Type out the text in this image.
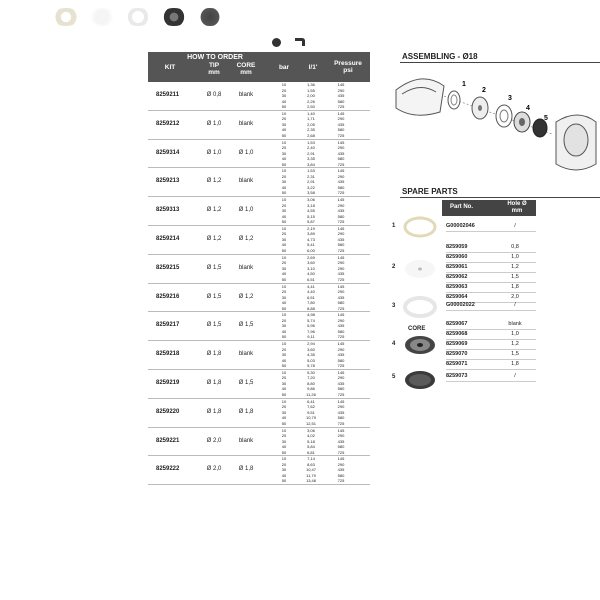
HOW TO ORDER
KIT	TIP
mm
CORE
mm
bar	l/1'
Pressure
psi
8259211	Ø 0,8	blank
10	1,36	145
20	1,55	290
30	2,00	435
40	2,26	580
50	2,50	725
8259212	Ø 1,0	blank
10	1,40	145
20	1,71	290
30	2,05	435
40	2,35	580
50	2,68	725
8259314	Ø 1,0	Ø 1,0
10	1,53	145
20	2,40	290
30	2,91	435
40	3,35	580
50	3,84	725
8259213	Ø 1,2	blank
10	1,53	145
20	2,31	290
30	2,91	435
40	3,22	580
50	3,58	725
8259313	Ø 1,2	Ø 1,0
10	3,06	145
20	3,18	290
30	4,55	435
40	5,15	580
50	5,87	725
8259214	Ø 1,2	Ø 1,2
10	2,19	145
20	3,89	290
30	4,73	435
40	5,41	580
50	6,00	725
8259215	Ø 1,5	blank
10	2,69	145
20	3,60	290
30	3,10	290
40	4,50	435
50	6,51	725
8259216	Ø 1,5	Ø 1,2
10	4,41	145
20	4,40	290
30	6,51	435
40	7,80	580
50	8,88	725
8259217	Ø 1,5	Ø 1,5
10	4,98	145
20	5,74	290
30	5,96	435
40	7,96	580
50	9,11	725
8259218	Ø 1,8	blank
10	2,94	145
20	3,60	290
30	4,35	435
40	5,03	580
50	5,78	725
8259219	Ø 1,8	Ø 1,5
10	5,30	145
20	7,20	290
30	8,80	435
40	9,86	580
50	11,26	725
8259220	Ø 1,8	Ø 1,8
10	6,41	145
20	7,62	290
30	9,51	435
40	10,79	580
50	12,51	725
8259221	Ø 2,0	blank
10	3,06	145
20	4,02	290
30	5,18	435
40	5,84	580
50	6,81	725
8259222	Ø 2,0	Ø 1,8
10	7,14	145
20	8,63	290
30	10,47	435
40	11,79	580
50	13,48	725
ASSEMBLING - Ø18
1
2
3
4
5
SPARE PARTS
Part No.	Hole Ø
mm
1	G00002046	/
2
8259059	0,8
8259060	1,0
8259061	1,2
8259062	1,5
8259063	1,8
8259064	2,0
3	G00002022	/
4
8259067	blank
8259068	1,0
8259069	1,2
8259070	1,5
8259071	1,8
5	8259073	/
CORE
